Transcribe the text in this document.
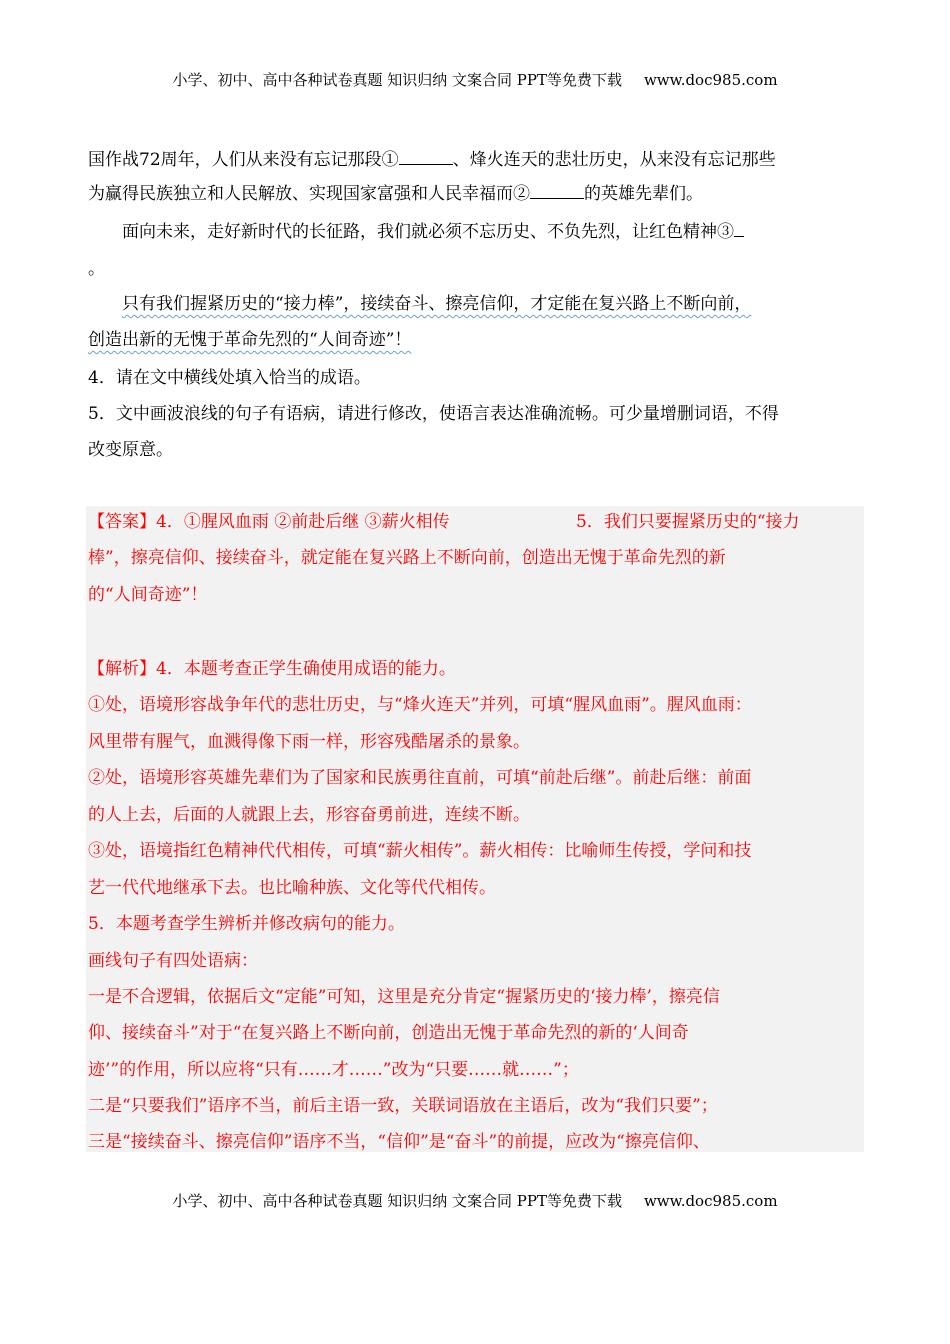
小学、初中、高中各种试卷真题 知识归纳 文案合同 PPT等免费下载 www.doc985.com
国作战72周年，人们从来没有忘记那段①	、烽火连天的悲壮历史，从来没有忘记那些
为赢得民族独立和人民解放、实现国家富强和人民幸福而②	的英雄先辈们。
面向未来，走好新时代的长征路，我们就必须不忘历史、不负先烈，让红色精神③
。
只有我们握紧历史的“接力棒”，接续奋斗、擦亮信仰，才定能在复兴路上不断向前，
创造出新的无愧于革命先烈的“人间奇迹”！
4．请在文中横线处填入恰当的成语。
5．文中画波浪线的句子有语病，请进行修改，使语言表达准确流畅。可少量增删词语，不得
改变原意。
【答案】4．①腥风血雨 ②前赴后继 ③薪火相传	5．我们只要握紧历史的“接力
棒”，擦亮信仰、接续奋斗，就定能在复兴路上不断向前，创造出无愧于革命先烈的新
的“人间奇迹”！
【解析】4．本题考查正学生确使用成语的能力。
①处，语境形容战争年代的悲壮历史，与“烽火连天”并列，可填“腥风血雨”。腥风血雨：
风里带有腥气，血溅得像下雨一样，形容残酷屠杀的景象。
②处，语境形容英雄先辈们为了国家和民族勇往直前，可填“前赴后继”。前赴后继：前面
的人上去，后面的人就跟上去，形容奋勇前进，连续不断。
③处，语境指红色精神代代相传，可填“薪火相传”。薪火相传：比喻师生传授，学问和技
艺一代代地继承下去。也比喻种族、文化等代代相传。
5．本题考查学生辨析并修改病句的能力。
画线句子有四处语病：
一是不合逻辑，依据后文“定能”可知，这里是充分肯定“握紧历史的‘接力棒’，擦亮信
仰、接续奋斗”对于“在复兴路上不断向前，创造出无愧于革命先烈的新的‘人间奇
迹’”的作用，所以应将“只有……才……”改为“只要……就……”；
二是“只要我们”语序不当，前后主语一致，关联词语放在主语后，改为“我们只要”；
三是“接续奋斗、擦亮信仰”语序不当，“信仰”是“奋斗”的前提，应改为“擦亮信仰、
小学、初中、高中各种试卷真题 知识归纳 文案合同 PPT等免费下载 www.doc985.com
